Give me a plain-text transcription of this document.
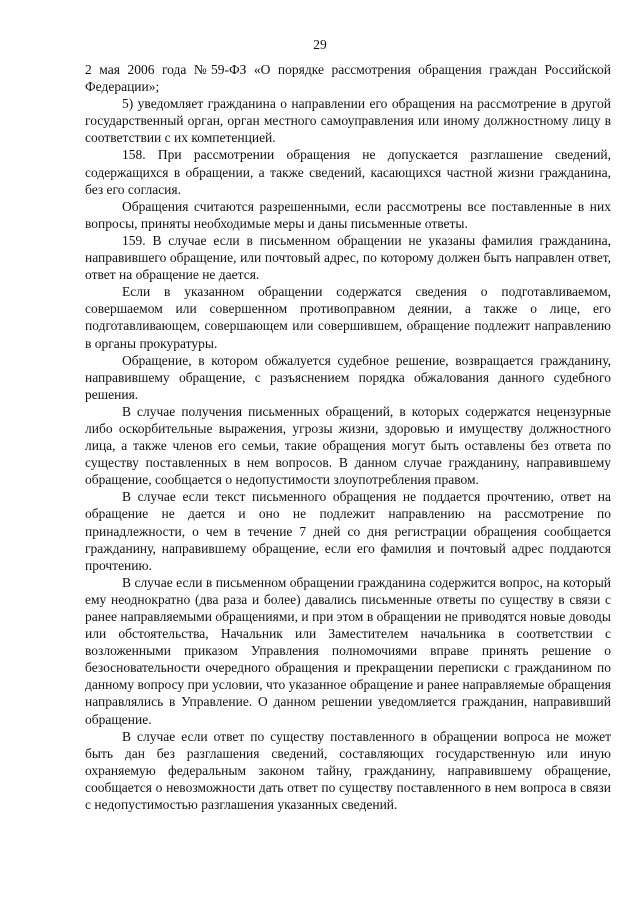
29

2 мая 2006 года №59-ФЗ «О порядке рассмотрения обращения граждан Российской Федерации»;

5) уведомляет гражданина о направлении его обращения на рассмотрение в другой государственный орган, орган местного самоуправления или иному должностному лицу в соответствии с их компетенцией.

158. При рассмотрении обращения не допускается разглашение сведений, содержащихся в обращении, а также сведений, касающихся частной жизни гражданина, без его согласия.

Обращения считаются разрешенными, если рассмотрены все поставленные в них вопросы, приняты необходимые меры и даны письменные ответы.

159. В случае если в письменном обращении не указаны фамилия гражданина, направившего обращение, или почтовый адрес, по которому должен быть направлен ответ, ответ на обращение не дается.

Если в указанном обращении содержатся сведения о подготавливаемом, совершаемом или совершенном противоправном деянии, а также о лице, его подготавливающем, совершающем или совершившем, обращение подлежит направлению в органы прокуратуры.

Обращение, в котором обжалуется судебное решение, возвращается гражданину, направившему обращение, с разъяснением порядка обжалования данного судебного решения.

В случае получения письменных обращений, в которых содержатся нецензурные либо оскорбительные выражения, угрозы жизни, здоровью и имуществу должностного лица, а также членов его семьи, такие обращения могут быть оставлены без ответа по существу поставленных в нем вопросов. В данном случае гражданину, направившему обращение, сообщается о недопустимости злоупотребления правом.

В случае если текст письменного обращения не поддается прочтению, ответ на обращение не дается и оно не подлежит направлению на рассмотрение по принадлежности, о чем в течение 7 дней со дня регистрации обращения сообщается гражданину, направившему обращение, если его фамилия и почтовый адрес поддаются прочтению.

В случае если в письменном обращении гражданина содержится вопрос, на который ему неоднократно (два раза и более) давались письменные ответы по существу в связи с ранее направляемыми обращениями, и при этом в обращении не приводятся новые доводы или обстоятельства, Начальник или Заместителем начальника в соответствии с возложенными приказом Управления полномочиями вправе принять решение о безосновательности очередного обращения и прекращении переписки с гражданином по данному вопросу при условии, что указанное обращение и ранее направляемые обращения направлялись в Управление. О данном решении уведомляется гражданин, направивший обращение.

В случае если ответ по существу поставленного в обращении вопроса не может быть дан без разглашения сведений, составляющих государственную или иную охраняемую федеральным законом тайну, гражданину, направившему обращение, сообщается о невозможности дать ответ по существу поставленного в нем вопроса в связи с недопустимостью разглашения указанных сведений.
